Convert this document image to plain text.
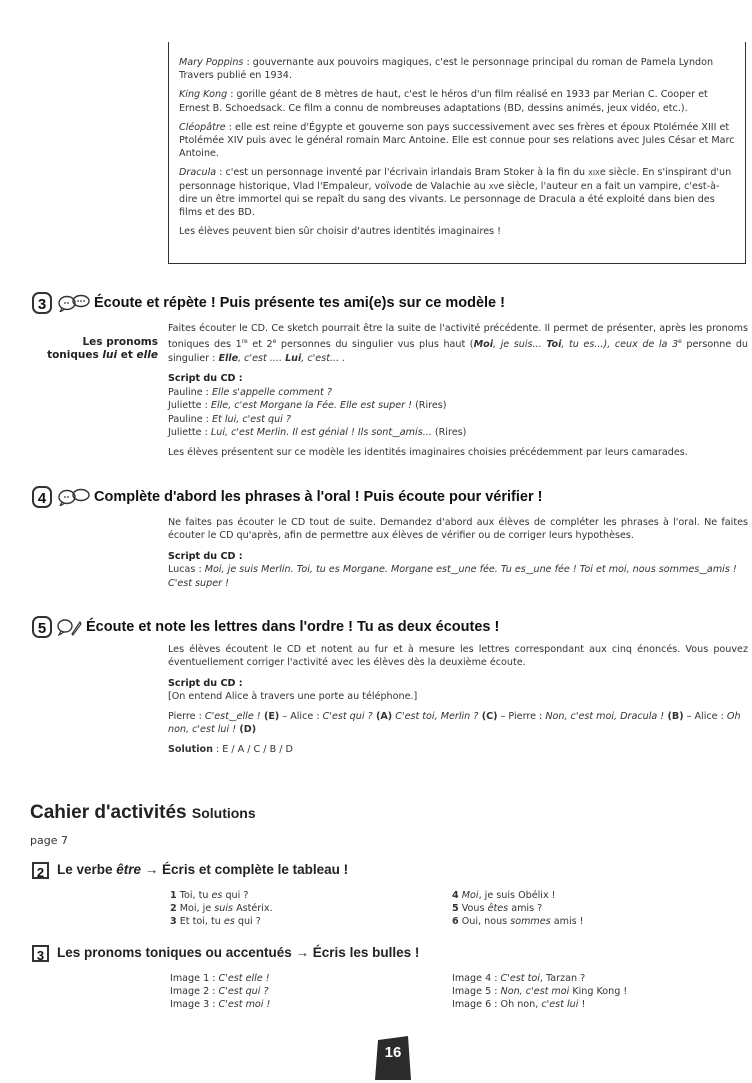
Mary Poppins : gouvernante aux pouvoirs magiques, c'est le personnage principal du roman de Pamela Lyndon Travers publié en 1934.

King Kong : gorille géant de 8 mètres de haut, c'est le héros d'un film réalisé en 1933 par Merian C. Cooper et Ernest B. Schoedsack. Ce film a connu de nombreuses adaptations (BD, dessins animés, jeux vidéo, etc.).

Cléopâtre : elle est reine d'Égypte et gouverne son pays successivement avec ses frères et époux Ptolémée XIII et Ptolémée XIV puis avec le général romain Marc Antoine. Elle est connue pour ses relations avec Jules César et Marc Antoine.

Dracula : c'est un personnage inventé par l'écrivain irlandais Bram Stoker à la fin du xixe siècle. En s'inspirant d'un personnage historique, Vlad l'Empaleur, voïvode de Valachie au xve siècle, l'auteur en a fait un vampire, c'est-à-dire un être immortel qui se repaît du sang des vivants. Le personnage de Dracula a été exploité dans bien des films et des BD.

Les élèves peuvent bien sûr choisir d'autres identités imaginaires !

3	Écoute et répète ! Puis présente tes ami(e)s sur ce modèle !
Les pronoms
toniques lui et elle

Faites écouter le CD. Ce sketch pourrait être la suite de l'activité précédente. Il permet de présenter, après les pronoms toniques des 1re et 2e personnes du singulier vus plus haut (Moi, je suis... Toi, tu es...), ceux de la 3e personne du singulier : Elle, c'est .... Lui, c'est... .

Script du CD :

Pauline : Elle s'appelle comment ?

Juliette : Elle, c'est Morgane la Fée. Elle est super ! (Rires)

Pauline : Et lui, c'est qui ?

Juliette : Lui, c'est Merlin. Il est génial ! Ils sont‿amis... (Rires)

Les élèves présentent sur ce modèle les identités imaginaires choisies précédemment par leurs camarades.

4	Complète d'abord les phrases à l'oral ! Puis écoute pour vérifier !

Ne faites pas écouter le CD tout de suite. Demandez d'abord aux élèves de compléter les phrases à l'oral. Ne faites écouter le CD qu'après, afin de permettre aux élèves de vérifier ou de corriger leurs hypothèses.

Script du CD :

Lucas : Moi, je suis Merlin. Toi, tu es Morgane. Morgane est‿une fée. Tu es‿une fée ! Toi et moi, nous sommes‿amis ! C'est super !

5	Écoute et note les lettres dans l'ordre ! Tu as deux écoutes !

Les élèves écoutent le CD et notent au fur et à mesure les lettres correspondant aux cinq énoncés. Vous pouvez éventuellement corriger l'activité avec les élèves dès la deuxième écoute.

Script du CD :

[On entend Alice à travers une porte au téléphone.]

Pierre : C'est‿elle ! (E) – Alice : C'est qui ? (A) C'est toi, Merlin ? (C) – Pierre : Non, c'est moi, Dracula ! (B) – Alice : Oh non, c'est lui ! (D)

Solution : E / A / C / B / D

Cahier d'activités Solutions
page 7
2 Le verbe être → Écris et complète le tableau !
1 Toi, tu es qui ?
2 Moi, je suis Astérix.
3 Et toi, tu es qui ?
4 Moi, je suis Obélix !
5 Vous êtes amis ?
6 Oui, nous sommes amis !
3 Les pronoms toniques ou accentués → Écris les bulles !
Image 1 : C'est elle !
Image 2 : C'est qui ?
Image 3 : C'est moi !
Image 4 : C'est toi, Tarzan ?
Image 5 : Non, c'est moi King Kong !
Image 6 : Oh non, c'est lui !
16
